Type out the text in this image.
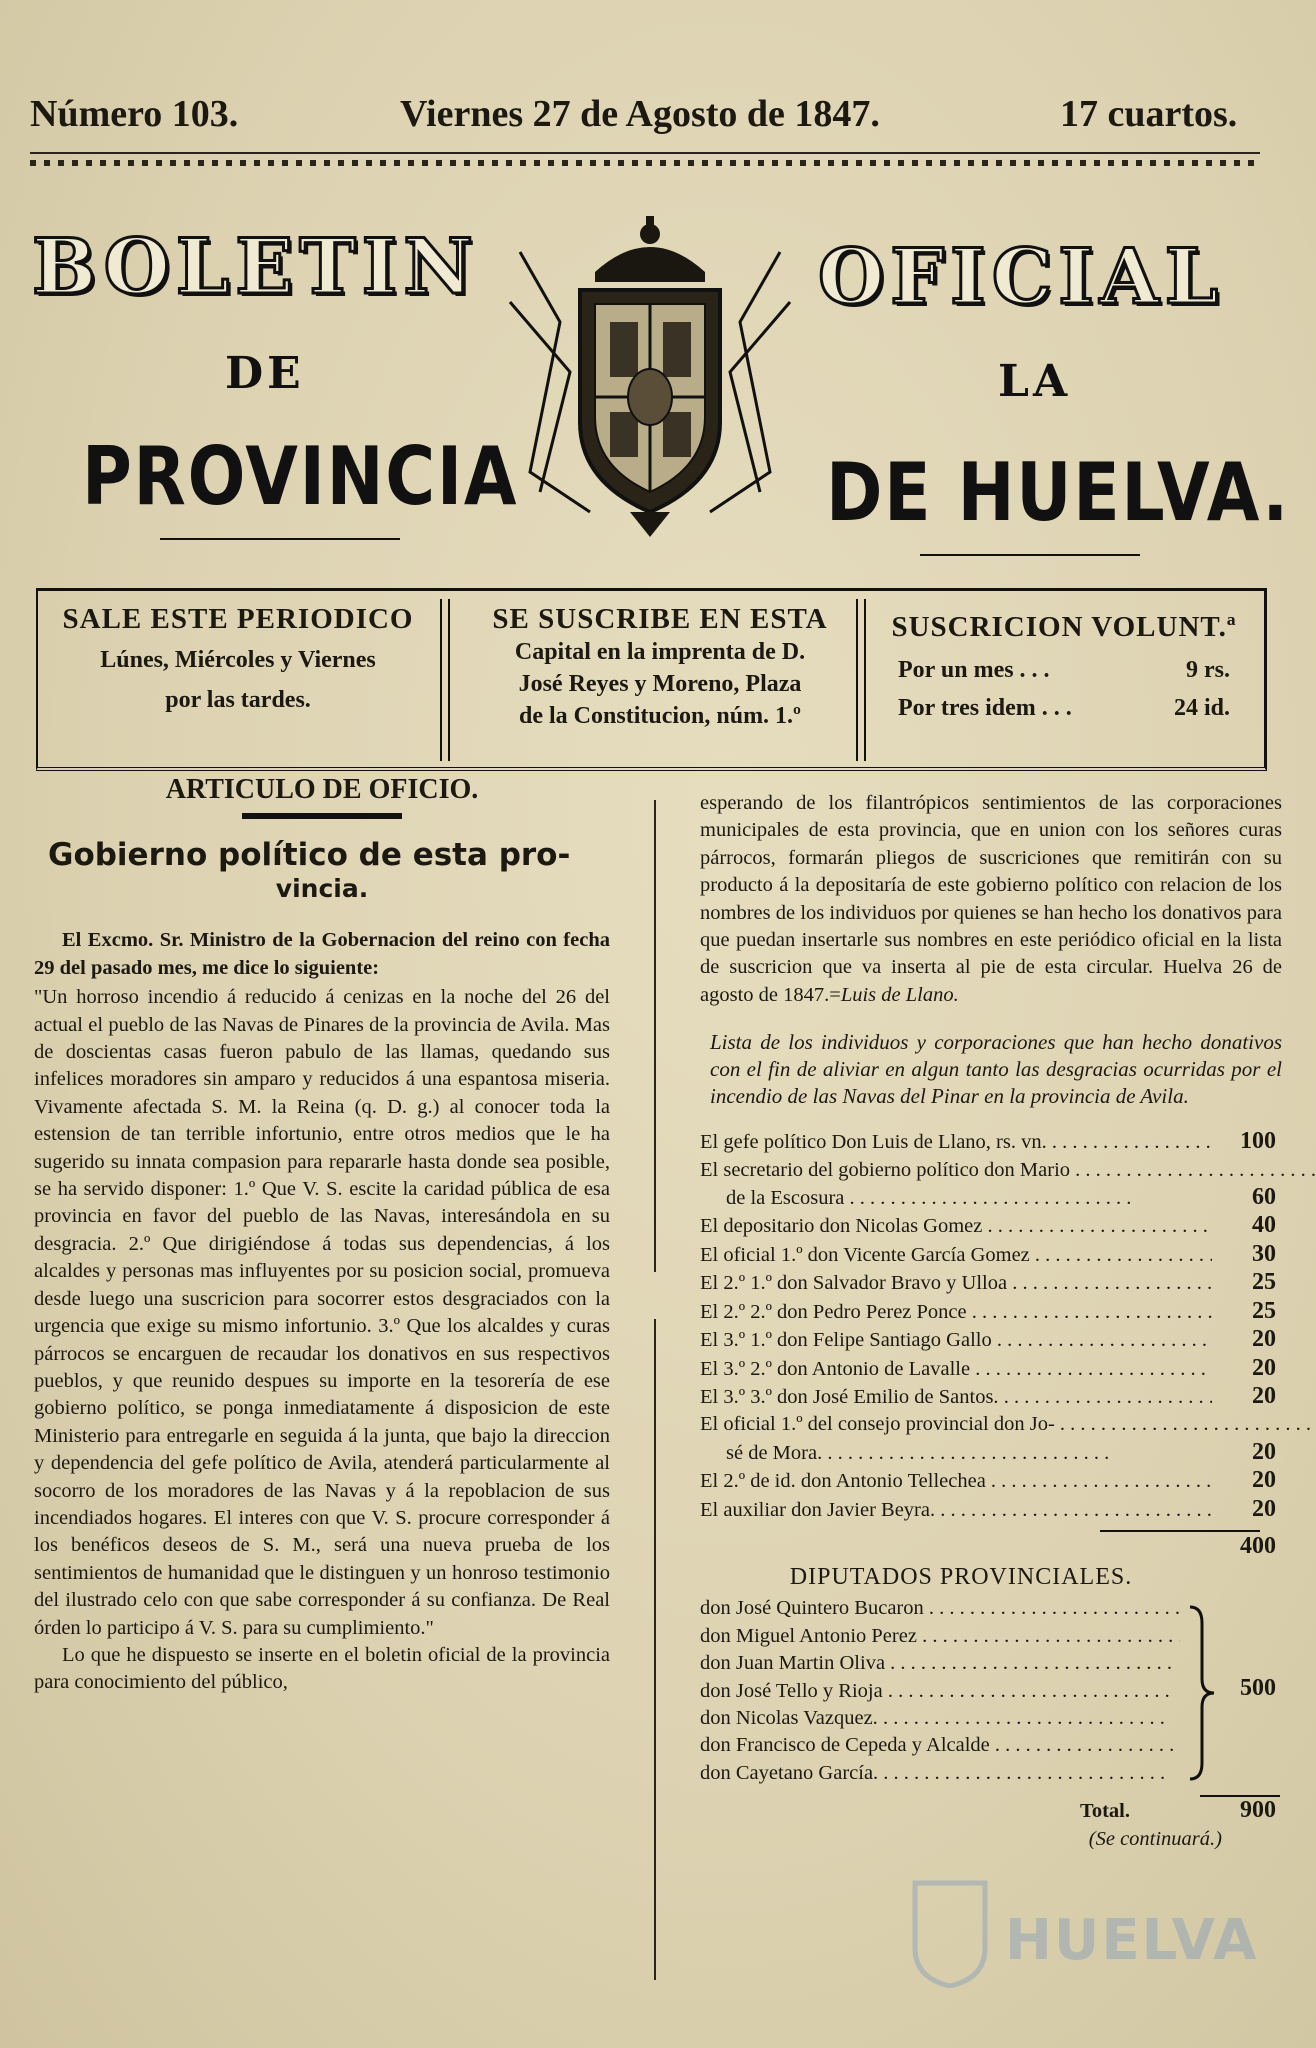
Número 103.	Viernes 27 de Agosto de 1847.	17 cuartos.
BOLETIN	OFICIAL
DE	LA
PROVINCIA	DE HUELVA.
SALE ESTE PERIODICO
Lúnes, Miércoles y Viernes
por las tardes.
SE SUSCRIBE EN ESTA
Capital en la imprenta de D.
José Reyes y Moreno, Plaza
de la Constitucion, núm. 1.º
SUSCRICION VOLUNT.ª
Por un mes . . .	9 rs.
Por tres idem . . .	24 id.
ARTICULO DE OFICIO.
Gobierno político de esta pro-
vincia.

El Excmo. Sr. Ministro de la Gobernacion del reino con fecha 29 del pasado mes, me dice lo siguiente:

"Un horroso incendio á reducido á cenizas en la noche del 26 del actual el pueblo de las Navas de Pinares de la provincia de Avila. Mas de doscientas casas fueron pabulo de las llamas, quedando sus infelices moradores sin amparo y reducidos á una espantosa miseria. Vivamente afectada S. M. la Reina (q. D. g.) al conocer toda la estension de tan terrible infortunio, entre otros medios que le ha sugerido su innata compasion para repararle hasta donde sea posible, se ha servido disponer: 1.º Que V. S. escite la caridad pública de esa provincia en favor del pueblo de las Navas, interesándola en su desgracia. 2.º Que dirigiéndose á todas sus dependencias, á los alcaldes y personas mas influyentes por su posicion social, promueva desde luego una suscricion para socorrer estos desgraciados con la urgencia que exige su mismo infortunio. 3.º Que los alcaldes y curas párrocos se encarguen de recaudar los donativos en sus respectivos pueblos, y que reunido despues su importe en la tesorería de ese gobierno político, se ponga inmediatamente á disposicion de este Ministerio para entregarle en seguida á la junta, que bajo la direccion y dependencia del gefe político de Avila, atenderá particularmente al socorro de los moradores de las Navas y á la repoblacion de sus incendiados hogares. El interes con que V. S. procure corresponder á los benéficos deseos de S. M., será una nueva prueba de los sentimientos de humanidad que le distinguen y un honroso testimonio del ilustrado celo con que sabe corresponder á su confianza. De Real órden lo participo á V. S. para su cumplimiento."

Lo que he dispuesto se inserte en el boletin oficial de la provincia para conocimiento del público,

esperando de los filantrópicos sentimientos de las corporaciones municipales de esta provincia, que en union con los señores curas párrocos, formarán pliegos de suscriciones que remitirán con su producto á la depositaría de este gobierno político con relacion de los nombres de los individuos por quienes se han hecho los donativos para que puedan insertarle sus nombres en este periódico oficial en la lista de suscricion que va inserta al pie de esta circular. Huelva 26 de agosto de 1847.=Luis de Llano.

Lista de los individuos y corporaciones que han hecho donativos con el fin de aliviar en algun tanto las desgracias ocurridas por el incendio de las Navas del Pinar en la provincia de Avila.

El gefe político Don Luis de Llano, rs. vn. . . .	100
El secretario del gobierno político don Mario . . .
de la Escosura . . .	60
El depositario don Nicolas Gomez . . .	40
El oficial 1.º don Vicente García Gomez . . .	30
El 2.º 1.º don Salvador Bravo y Ulloa . . .	25
El 2.º 2.º don Pedro Perez Ponce . . .	25
El 3.º 1.º don Felipe Santiago Gallo . . .	20
El 3.º 2.º don Antonio de Lavalle . . .	20
El 3.º 3.º don José Emilio de Santos. . . .	20
El oficial 1.º del consejo provincial don Jo- . . .
sé de Mora. . . .	20
El 2.º de id. don Antonio Tellechea . . .	20
El auxiliar don Javier Beyra. . . .	20
400
DIPUTADOS PROVINCIALES.
don José Quintero Bucaron . . .
don Miguel Antonio Perez . . .
don Juan Martin Oliva . . .
don José Tello y Rioja . . .
don Nicolas Vazquez. . . .
don Francisco de Cepeda y Alcalde . . .
don Cayetano García. . . .
500
Total.	900
(Se continuará.)
HUELVA
